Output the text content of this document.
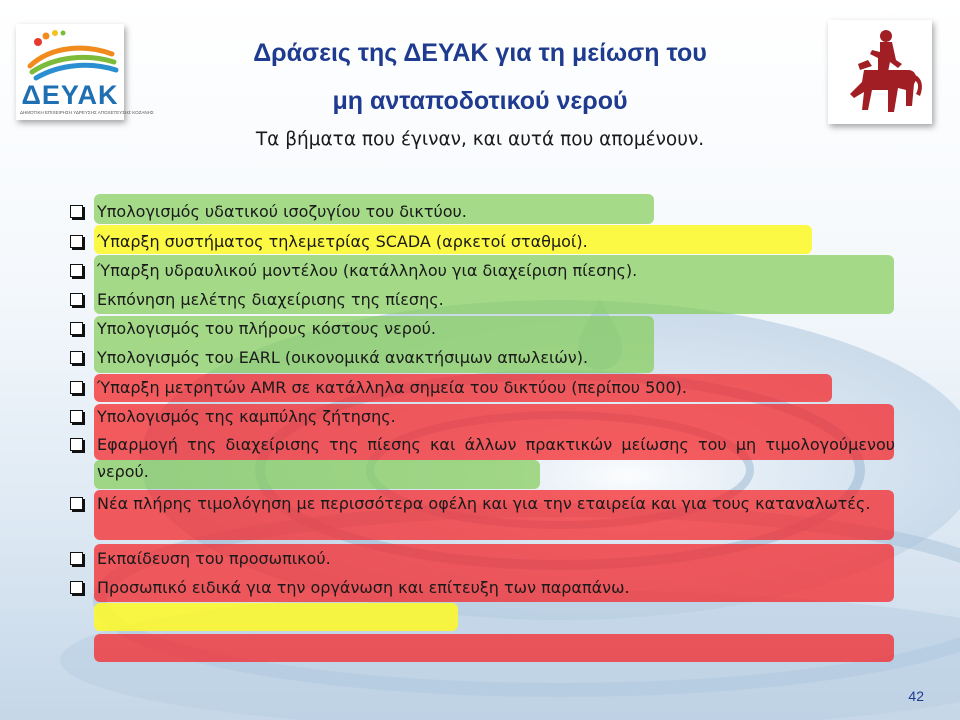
ΔΕΥΑΚ
ΔΗΜΟΤΙΚΗ ΕΠΙΧΕΙΡΗΣΗ ΥΔΡΕΥΣΗΣ ΑΠΟΧΕΤΕΥΣΗΣ ΚΟΖΑΝΗΣ
Δράσεις της ΔΕΥΑΚ για τη μείωση του
μη ανταποδοτικού νερού
Τα βήματα που έγιναν, και αυτά που απομένουν.
Υπολογισμός υδατικού ισοζυγίου του δικτύου.
Ύπαρξη συστήματος τηλεμετρίας SCADA (αρκετοί σταθμοί).
Ύπαρξη υδραυλικού μοντέλου (κατάλληλου για διαχείριση πίεσης).
Εκπόνηση μελέτης διαχείρισης της πίεσης.
Υπολογισμός του πλήρους κόστους νερού.
Υπολογισμός του EARL (οικονομικά ανακτήσιμων απωλειών).
Ύπαρξη μετρητών AMR σε κατάλληλα σημεία του δικτύου (περίπου 500).
Υπολογισμός της καμπύλης ζήτησης.
Εφαρμογή της διαχείρισης της πίεσης και άλλων πρακτικών μείωσης του μη τιμολογούμενου νερού.
Νέα πλήρης τιμολόγηση με περισσότερα οφέλη και για την εταιρεία και για τους καταναλωτές.
Εκπαίδευση του προσωπικού.
Προσωπικό ειδικά για την οργάνωση και επίτευξη των παραπάνω.
42
